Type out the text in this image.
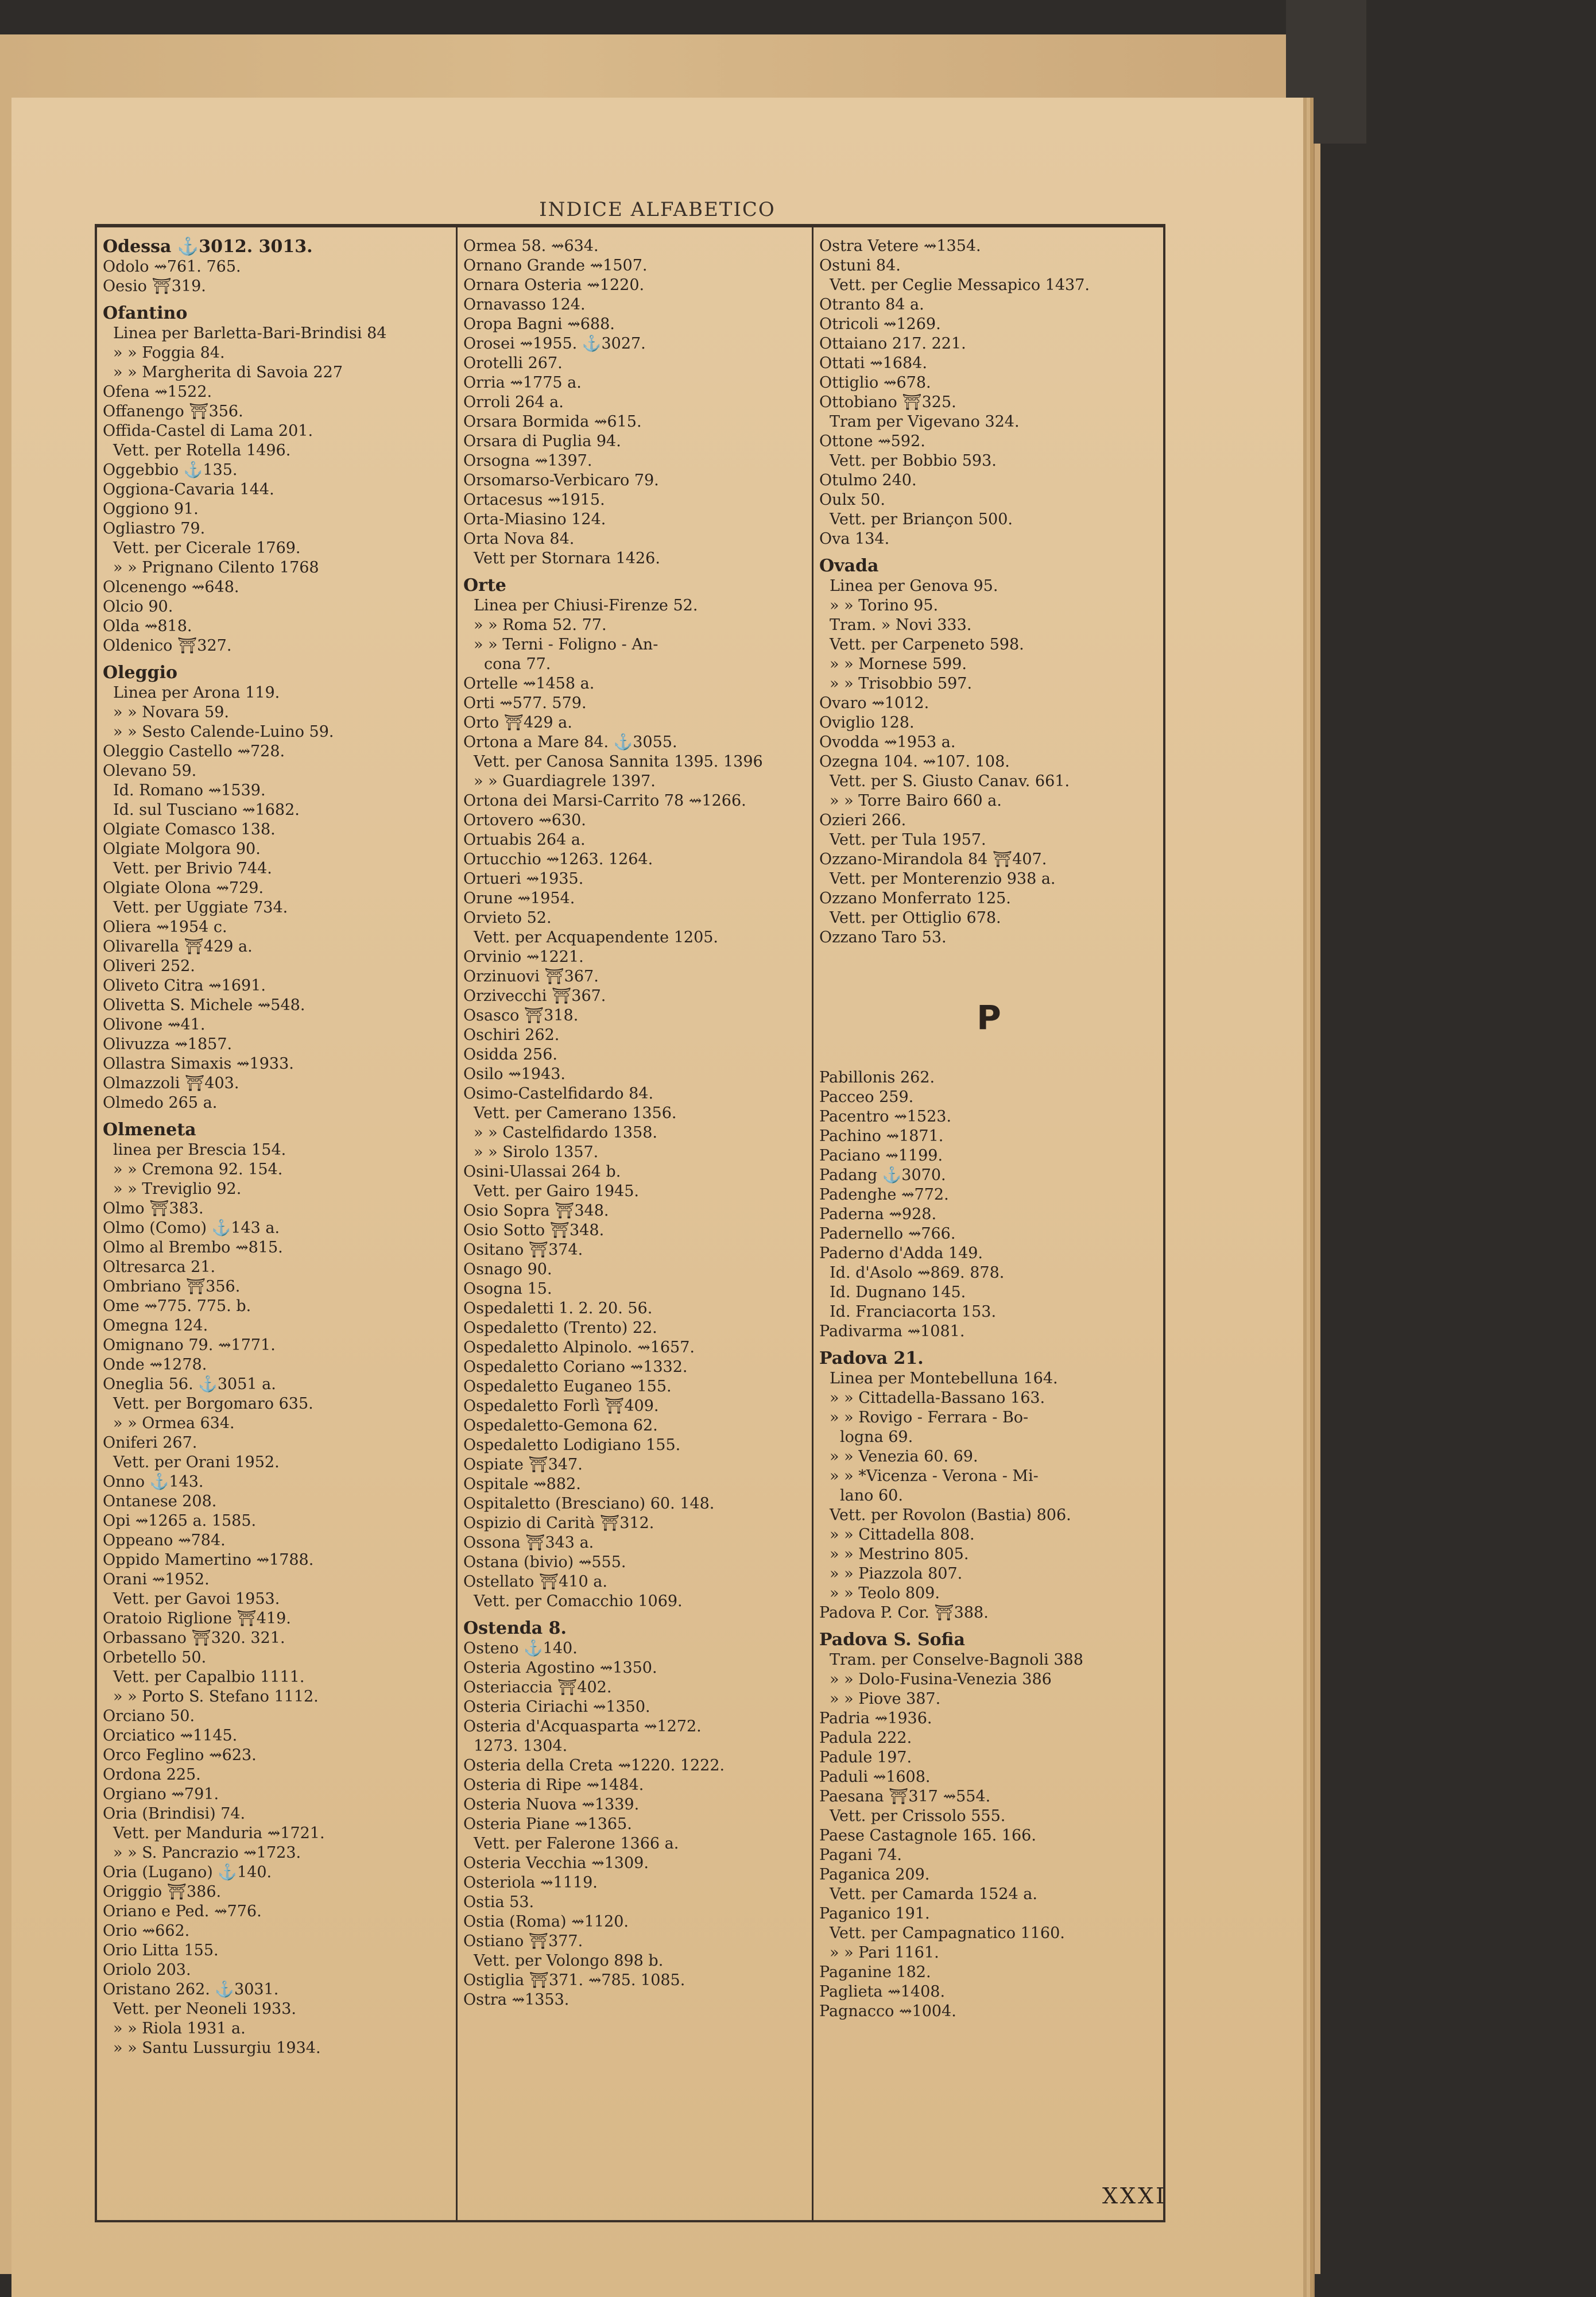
INDICE ALFABETICO
Odessa ⚓3012. 3013.
Odolo ⇝761. 765.
Oesio ⛩319.
Ofantino
Linea per Barletta-Bari-Brindisi 84
» » Foggia 84.
» » Margherita di Savoia 227
Ofena ⇝1522.
Offanengo ⛩356.
Offida-Castel di Lama 201.
Vett. per Rotella 1496.
Oggebbio ⚓135.
Oggiona-Cavaria 144.
Oggiono 91.
Ogliastro 79.
Vett. per Cicerale 1769.
» » Prignano Cilento 1768
Olcenengo ⇝648.
Olcio 90.
Olda ⇝818.
Oldenico ⛩327.
Oleggio
Linea per Arona 119.
» » Novara 59.
» » Sesto Calende-Luino 59.
Oleggio Castello ⇝728.
Olevano 59.
Id. Romano ⇝1539.
Id. sul Tusciano ⇝1682.
Olgiate Comasco 138.
Olgiate Molgora 90.
Vett. per Brivio 744.
Olgiate Olona ⇝729.
Vett. per Uggiate 734.
Oliera ⇝1954 c.
Olivarella ⛩429 a.
Oliveri 252.
Oliveto Citra ⇝1691.
Olivetta S. Michele ⇝548.
Olivone ⇝41.
Olivuzza ⇝1857.
Ollastra Simaxis ⇝1933.
Olmazzoli ⛩403.
Olmedo 265 a.
Olmeneta
linea per Brescia 154.
» » Cremona 92. 154.
» » Treviglio 92.
Olmo ⛩383.
Olmo (Como) ⚓143 a.
Olmo al Brembo ⇝815.
Oltresarca 21.
Ombriano ⛩356.
Ome ⇝775. 775. b.
Omegna 124.
Omignano 79. ⇝1771.
Onde ⇝1278.
Oneglia 56. ⚓3051 a.
Vett. per Borgomaro 635.
» » Ormea 634.
Oniferi 267.
Vett. per Orani 1952.
Onno ⚓143.
Ontanese 208.
Opi ⇝1265 a. 1585.
Oppeano ⇝784.
Oppido Mamertino ⇝1788.
Orani ⇝1952.
Vett. per Gavoi 1953.
Oratoio Riglione ⛩419.
Orbassano ⛩320. 321.
Orbetello 50.
Vett. per Capalbio 1111.
» » Porto S. Stefano 1112.
Orciano 50.
Orciatico ⇝1145.
Orco Feglino ⇝623.
Ordona 225.
Orgiano ⇝791.
Oria (Brindisi) 74.
Vett. per Manduria ⇝1721.
» » S. Pancrazio ⇝1723.
Oria (Lugano) ⚓140.
Origgio ⛩386.
Oriano e Ped. ⇝776.
Orio ⇝662.
Orio Litta 155.
Oriolo 203.
Oristano 262. ⚓3031.
Vett. per Neoneli 1933.
» » Riola 1931 a.
» » Santu Lussurgiu 1934.
Ormea 58. ⇝634.
Ornano Grande ⇝1507.
Ornara Osteria ⇝1220.
Ornavasso 124.
Oropa Bagni ⇝688.
Orosei ⇝1955. ⚓3027.
Orotelli 267.
Orria ⇝1775 a.
Orroli 264 a.
Orsara Bormida ⇝615.
Orsara di Puglia 94.
Orsogna ⇝1397.
Orsomarso-Verbicaro 79.
Ortacesus ⇝1915.
Orta-Miasino 124.
Orta Nova 84.
Vett per Stornara 1426.
Orte
Linea per Chiusi-Firenze 52.
» » Roma 52. 77.
» » Terni - Foligno - An-
cona 77.
Ortelle ⇝1458 a.
Orti ⇝577. 579.
Orto ⛩429 a.
Ortona a Mare 84. ⚓3055.
Vett. per Canosa Sannita 1395. 1396
» » Guardiagrele 1397.
Ortona dei Marsi-Carrito 78 ⇝1266.
Ortovero ⇝630.
Ortuabis 264 a.
Ortucchio ⇝1263. 1264.
Ortueri ⇝1935.
Orune ⇝1954.
Orvieto 52.
Vett. per Acquapendente 1205.
Orvinio ⇝1221.
Orzinuovi ⛩367.
Orzivecchi ⛩367.
Osasco ⛩318.
Oschiri 262.
Osidda 256.
Osilo ⇝1943.
Osimo-Castelfidardo 84.
Vett. per Camerano 1356.
» » Castelfidardo 1358.
» » Sirolo 1357.
Osini-Ulassai 264 b.
Vett. per Gairo 1945.
Osio Sopra ⛩348.
Osio Sotto ⛩348.
Ositano ⛩374.
Osnago 90.
Osogna 15.
Ospedaletti 1. 2. 20. 56.
Ospedaletto (Trento) 22.
Ospedaletto Alpinolo. ⇝1657.
Ospedaletto Coriano ⇝1332.
Ospedaletto Euganeo 155.
Ospedaletto Forlì ⛩409.
Ospedaletto-Gemona 62.
Ospedaletto Lodigiano 155.
Ospiate ⛩347.
Ospitale ⇝882.
Ospitaletto (Bresciano) 60. 148.
Ospizio di Carità ⛩312.
Ossona ⛩343 a.
Ostana (bivio) ⇝555.
Ostellato ⛩410 a.
Vett. per Comacchio 1069.
Ostenda 8.
Osteno ⚓140.
Osteria Agostino ⇝1350.
Osteriaccia ⛩402.
Osteria Ciriachi ⇝1350.
Osteria d'Acquasparta ⇝1272.
1273. 1304.
Osteria della Creta ⇝1220. 1222.
Osteria di Ripe ⇝1484.
Osteria Nuova ⇝1339.
Osteria Piane ⇝1365.
Vett. per Falerone 1366 a.
Osteria Vecchia ⇝1309.
Osteriola ⇝1119.
Ostia 53.
Ostia (Roma) ⇝1120.
Ostiano ⛩377.
Vett. per Volongo 898 b.
Ostiglia ⛩371. ⇝785. 1085.
Ostra ⇝1353.
Ostra Vetere ⇝1354.
Ostuni 84.
Vett. per Ceglie Messapico 1437.
Otranto 84 a.
Otricoli ⇝1269.
Ottaiano 217. 221.
Ottati ⇝1684.
Ottiglio ⇝678.
Ottobiano ⛩325.
Tram per Vigevano 324.
Ottone ⇝592.
Vett. per Bobbio 593.
Otulmo 240.
Oulx 50.
Vett. per Briançon 500.
Ova 134.
Ovada
Linea per Genova 95.
» » Torino 95.
Tram. » Novi 333.
Vett. per Carpeneto 598.
» » Mornese 599.
» » Trisobbio 597.
Ovaro ⇝1012.
Oviglio 128.
Ovodda ⇝1953 a.
Ozegna 104. ⇝107. 108.
Vett. per S. Giusto Canav. 661.
» » Torre Bairo 660 a.
Ozieri 266.
Vett. per Tula 1957.
Ozzano-Mirandola 84 ⛩407.
Vett. per Monterenzio 938 a.
Ozzano Monferrato 125.
Vett. per Ottiglio 678.
Ozzano Taro 53.
P
Pabillonis 262.
Pacceo 259.
Pacentro ⇝1523.
Pachino ⇝1871.
Paciano ⇝1199.
Padang ⚓3070.
Padenghe ⇝772.
Paderna ⇝928.
Padernello ⇝766.
Paderno d'Adda 149.
Id. d'Asolo ⇝869. 878.
Id. Dugnano 145.
Id. Franciacorta 153.
Padivarma ⇝1081.
Padova 21.
Linea per Montebelluna 164.
» » Cittadella-Bassano 163.
» » Rovigo - Ferrara - Bo-
logna 69.
» » Venezia 60. 69.
» » *Vicenza - Verona - Mi-
lano 60.
Vett. per Rovolon (Bastia) 806.
» » Cittadella 808.
» » Mestrino 805.
» » Piazzola 807.
» » Teolo 809.
Padova P. Cor. ⛩388.
Padova S. Sofia
Tram. per Conselve-Bagnoli 388
» » Dolo-Fusina-Venezia 386
» » Piove 387.
Padria ⇝1936.
Padula 222.
Padule 197.
Paduli ⇝1608.
Paesana ⛩317 ⇝554.
Vett. per Crissolo 555.
Paese Castagnole 165. 166.
Pagani 74.
Paganica 209.
Vett. per Camarda 1524 a.
Paganico 191.
Vett. per Campagnatico 1160.
» » Pari 1161.
Paganine 182.
Paglieta ⇝1408.
Pagnacco ⇝1004.
XXXI
